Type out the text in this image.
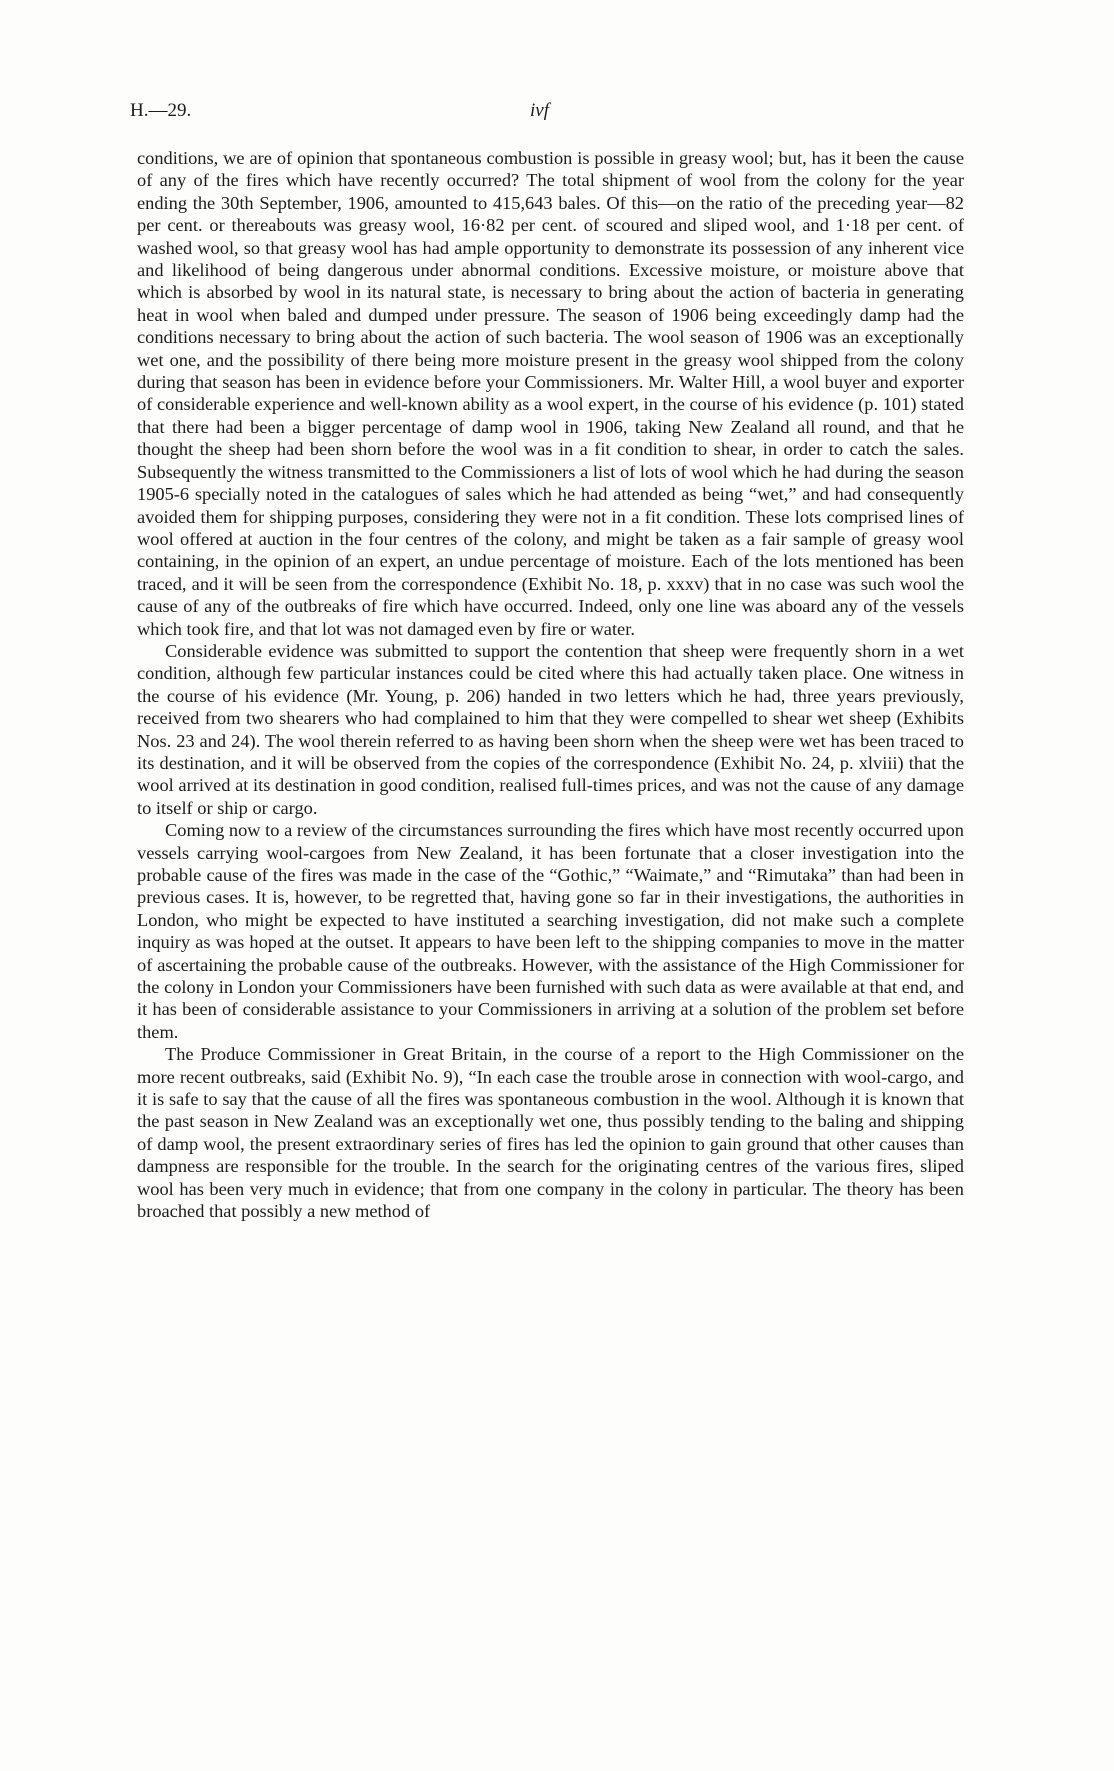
H.—29.	ivf

conditions, we are of opinion that spontaneous combustion is possible in greasy wool; but, has it been the cause of any of the fires which have recently occurred? The total shipment of wool from the colony for the year ending the 30th September, 1906, amounted to 415,643 bales. Of this—on the ratio of the preceding year—82 per cent. or thereabouts was greasy wool, 16·82 per cent. of scoured and sliped wool, and 1·18 per cent. of washed wool, so that greasy wool has had ample opportunity to demonstrate its possession of any inherent vice and likelihood of being dangerous under abnormal conditions. Excessive moisture, or moisture above that which is absorbed by wool in its natural state, is necessary to bring about the action of bacteria in generating heat in wool when baled and dumped under pressure. The season of 1906 being exceedingly damp had the conditions necessary to bring about the action of such bacteria. The wool season of 1906 was an exceptionally wet one, and the possibility of there being more moisture present in the greasy wool shipped from the colony during that season has been in evidence before your Commissioners. Mr. Walter Hill, a wool buyer and exporter of considerable experience and well-known ability as a wool expert, in the course of his evidence (p. 101) stated that there had been a bigger percentage of damp wool in 1906, taking New Zealand all round, and that he thought the sheep had been shorn before the wool was in a fit condition to shear, in order to catch the sales. Subsequently the witness transmitted to the Commissioners a list of lots of wool which he had during the season 1905-6 specially noted in the catalogues of sales which he had attended as being “wet,” and had consequently avoided them for shipping purposes, considering they were not in a fit condition. These lots comprised lines of wool offered at auction in the four centres of the colony, and might be taken as a fair sample of greasy wool containing, in the opinion of an expert, an undue percentage of moisture. Each of the lots mentioned has been traced, and it will be seen from the correspondence (Exhibit No. 18, p. xxxv) that in no case was such wool the cause of any of the outbreaks of fire which have occurred. Indeed, only one line was aboard any of the vessels which took fire, and that lot was not damaged even by fire or water.

Considerable evidence was submitted to support the contention that sheep were frequently shorn in a wet condition, although few particular instances could be cited where this had actually taken place. One witness in the course of his evidence (Mr. Young, p. 206) handed in two letters which he had, three years previously, received from two shearers who had complained to him that they were compelled to shear wet sheep (Exhibits Nos. 23 and 24). The wool therein referred to as having been shorn when the sheep were wet has been traced to its destination, and it will be observed from the copies of the correspondence (Exhibit No. 24, p. xlviii) that the wool arrived at its destination in good condition, realised full-times prices, and was not the cause of any damage to itself or ship or cargo.

Coming now to a review of the circumstances surrounding the fires which have most recently occurred upon vessels carrying wool-cargoes from New Zealand, it has been fortunate that a closer investigation into the probable cause of the fires was made in the case of the “Gothic,” “Waimate,” and “Rimutaka” than had been in previous cases. It is, however, to be regretted that, having gone so far in their investigations, the authorities in London, who might be expected to have instituted a searching investigation, did not make such a complete inquiry as was hoped at the outset. It appears to have been left to the shipping companies to move in the matter of ascertaining the probable cause of the outbreaks. However, with the assistance of the High Commissioner for the colony in London your Commissioners have been furnished with such data as were available at that end, and it has been of considerable assistance to your Commissioners in arriving at a solution of the problem set before them.

The Produce Commissioner in Great Britain, in the course of a report to the High Commissioner on the more recent outbreaks, said (Exhibit No. 9), “In each case the trouble arose in connection with wool-cargo, and it is safe to say that the cause of all the fires was spontaneous combustion in the wool. Although it is known that the past season in New Zealand was an exceptionally wet one, thus possibly tending to the baling and shipping of damp wool, the present extraordinary series of fires has led the opinion to gain ground that other causes than dampness are responsible for the trouble. In the search for the originating centres of the various fires, sliped wool has been very much in evidence; that from one company in the colony in particular. The theory has been broached that possibly a new method of
